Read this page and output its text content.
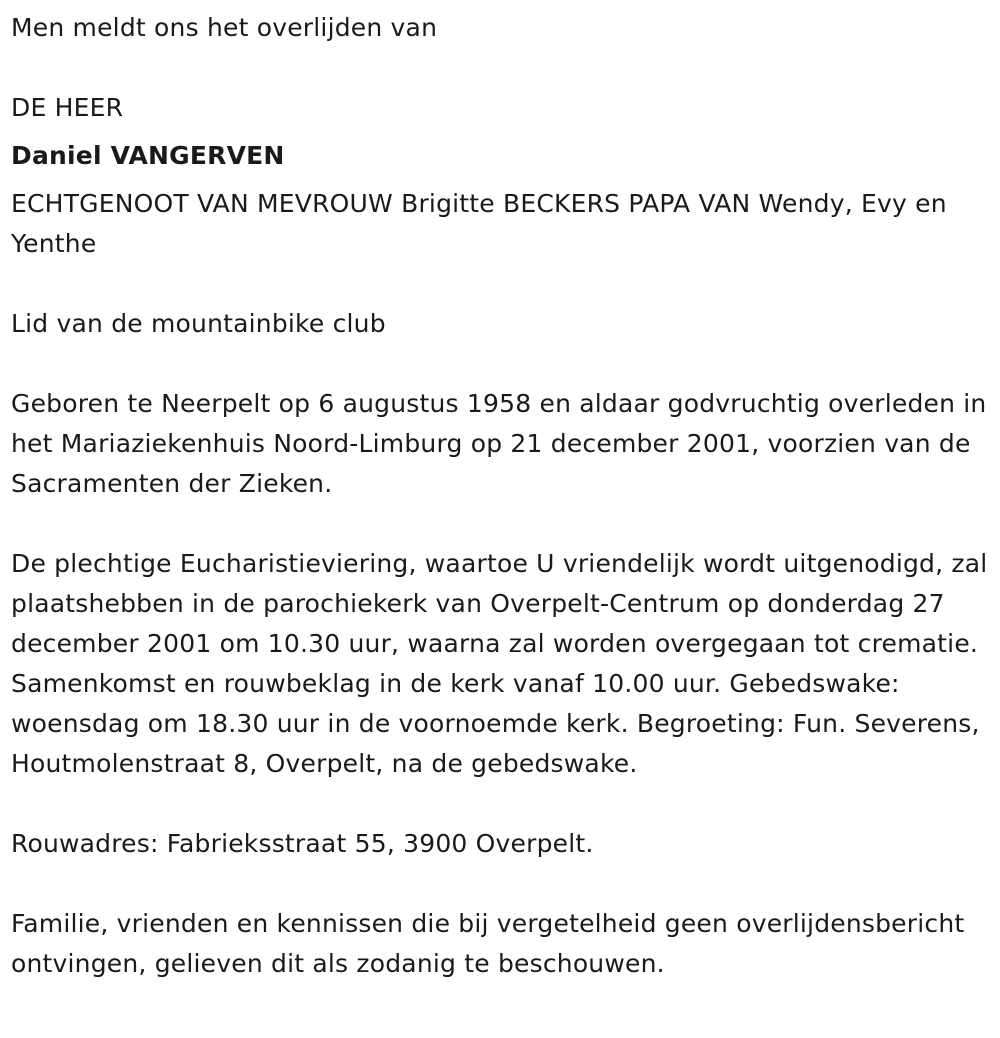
Men meldt ons het overlijden van

DE HEER

Daniel VANGERVEN

ECHTGENOOT VAN MEVROUW Brigitte BECKERS PAPA VAN Wendy, Evy en Yenthe

Lid van de mountainbike club

Geboren te Neerpelt op 6 augustus 1958 en aldaar godvruchtig overleden in het Mariaziekenhuis Noord-Limburg op 21 december 2001, voorzien van de Sacramenten der Zieken.

De plechtige Eucharistieviering, waartoe U vriendelijk wordt uitgenodigd, zal plaatshebben in de parochiekerk van Overpelt-Centrum op donderdag 27 december 2001 om 10.30 uur, waarna zal worden overgegaan tot crematie. Samenkomst en rouwbeklag in de kerk vanaf 10.00 uur. Gebedswake: woensdag om 18.30 uur in de voornoemde kerk. Begroeting: Fun. Severens, Houtmolenstraat 8, Overpelt, na de gebedswake.

Rouwadres: Fabrieksstraat 55, 3900 Overpelt.

Familie, vrienden en kennissen die bij vergetelheid geen overlijdensbericht ontvingen, gelieven dit als zodanig te beschouwen.
